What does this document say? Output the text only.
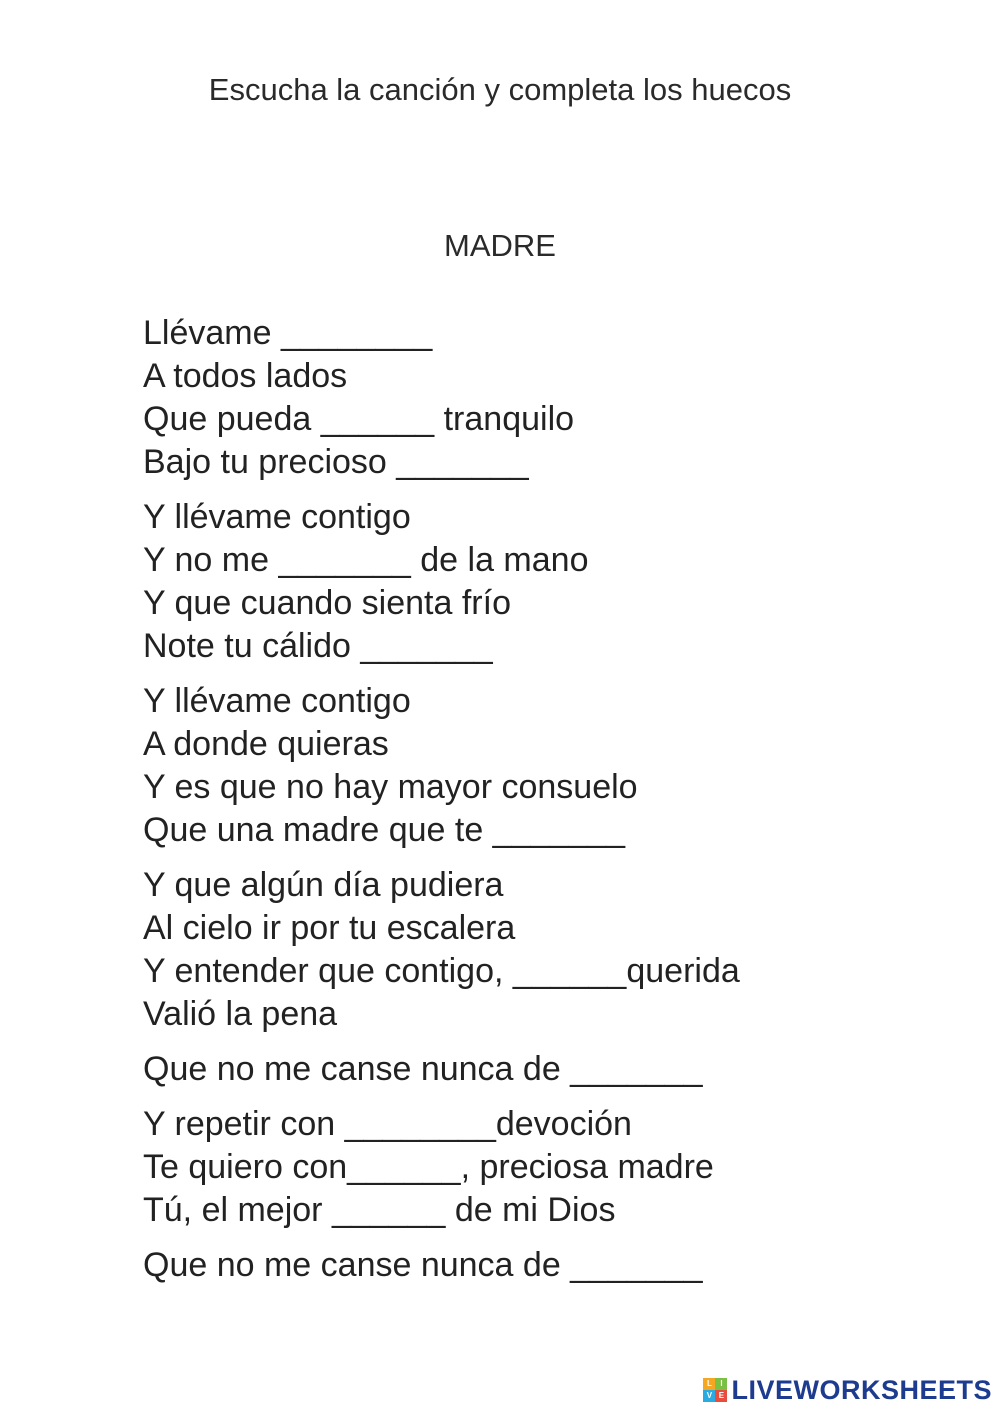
Escucha la canción y completa los huecos
MADRE
Llévame ________
A todos lados
Que pueda ______ tranquilo
Bajo tu precioso _______
Y llévame contigo
Y no me _______ de la mano
Y que cuando sienta frío
Note tu cálido _______
Y llévame contigo
A donde quieras
Y es que no hay mayor consuelo
Que una madre que te _______
Y que algún día pudiera
Al cielo ir por tu escalera
Y entender que contigo, ______querida
Valió la pena
Que no me canse nunca de _______
Y repetir con ________devoción
Te quiero con______, preciosa madre
Tú, el mejor ______ de mi Dios
Que no me canse nunca de _______
L	I
V E LIVEWORKSHEETS
